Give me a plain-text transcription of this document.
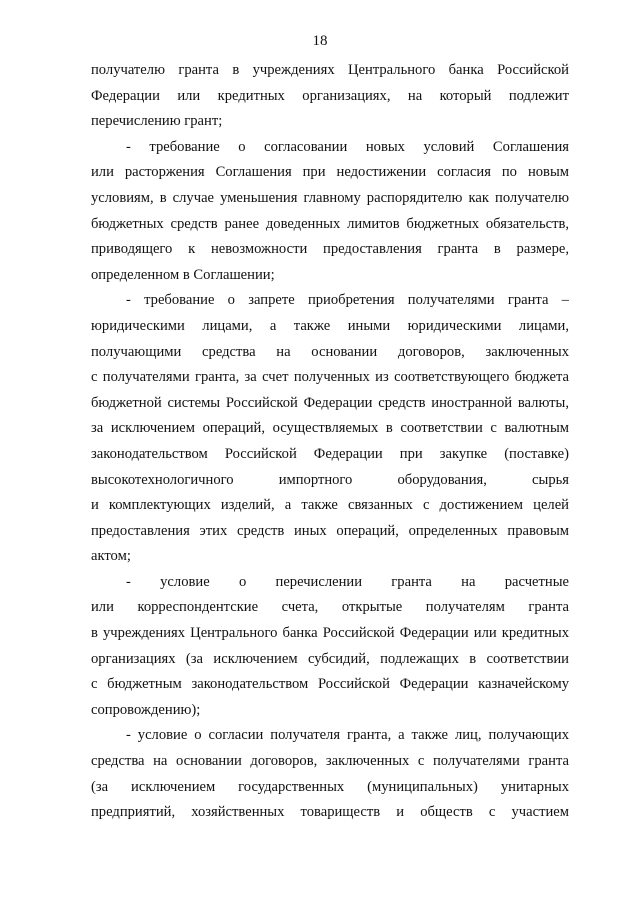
18
получателю гранта в учреждениях Центрального банка Российской
Федерации или кредитных организациях, на который подлежит
перечислению грант;
- требование о согласовании новых условий Соглашения
или расторжения Соглашения при недостижении согласия по новым
условиям, в случае уменьшения главному распорядителю как получателю
бюджетных средств ранее доведенных лимитов бюджетных обязательств,
приводящего к невозможности предоставления гранта в размере,
определенном в Соглашении;
- требование о запрете приобретения получателями гранта –
юридическими лицами, а также иными юридическими лицами,
получающими средства на основании договоров, заключенных
с получателями гранта, за счет полученных из соответствующего бюджета
бюджетной системы Российской Федерации средств иностранной валюты,
за исключением операций, осуществляемых в соответствии с валютным
законодательством Российской Федерации при закупке (поставке)
высокотехнологичного импортного оборудования, сырья
и комплектующих изделий, а также связанных с достижением целей
предоставления этих средств иных операций, определенных правовым
актом;
- условие о перечислении гранта на расчетные
или корреспондентские счета, открытые получателям гранта
в учреждениях Центрального банка Российской Федерации или кредитных
организациях (за исключением субсидий, подлежащих в соответствии
с бюджетным законодательством Российской Федерации казначейскому
сопровождению);
- условие о согласии получателя гранта, а также лиц, получающих
средства на основании договоров, заключенных с получателями гранта
(за исключением государственных (муниципальных) унитарных
предприятий, хозяйственных товариществ и обществ с участием
